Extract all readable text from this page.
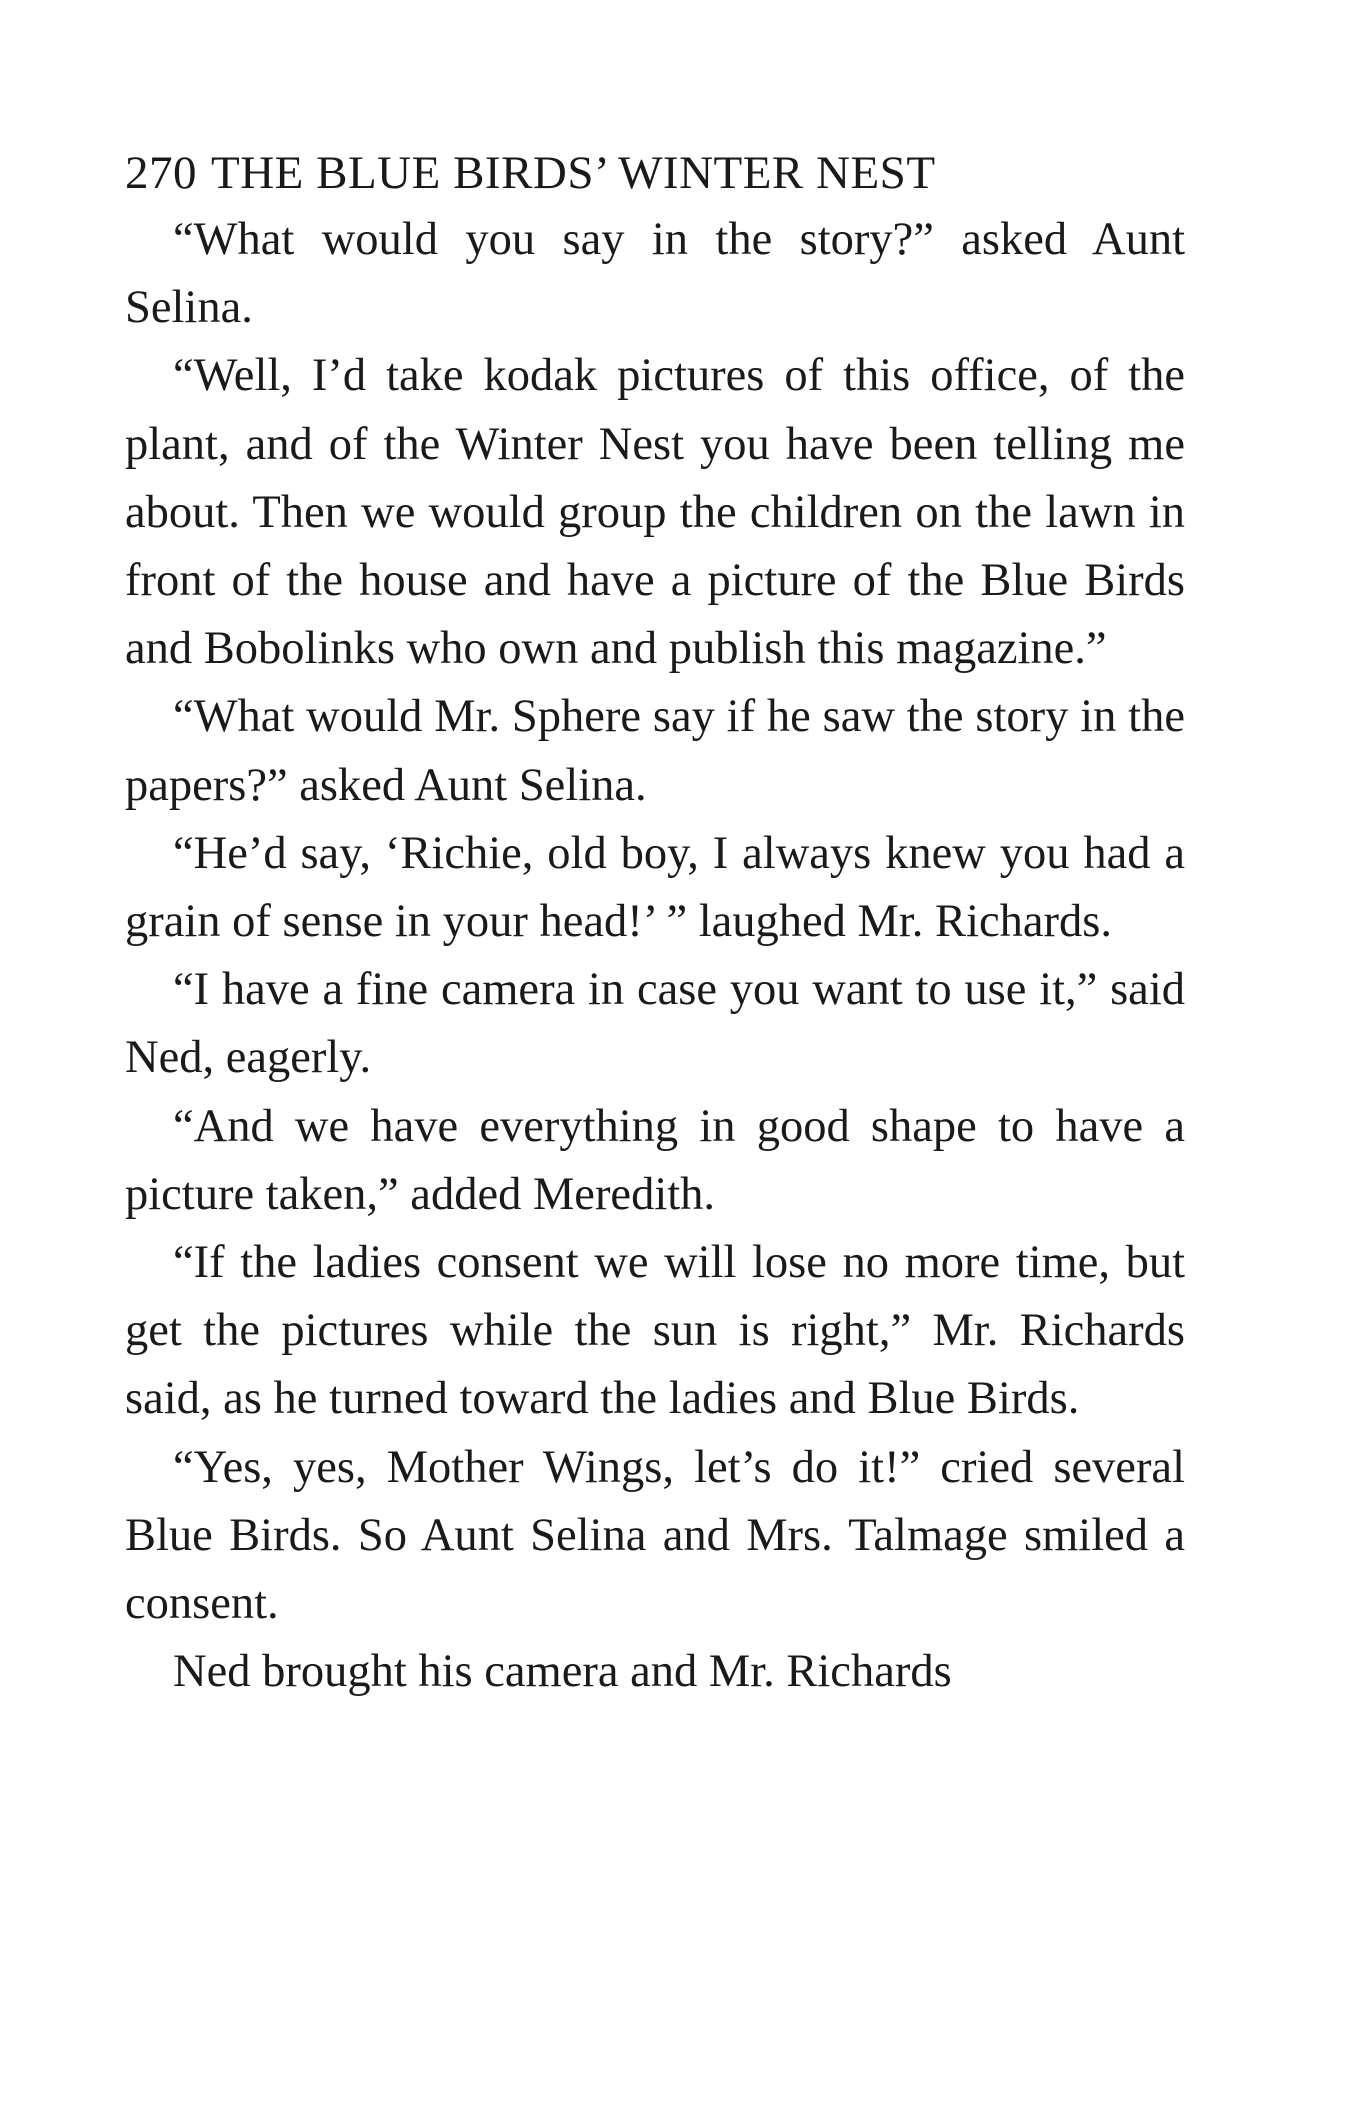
270 THE BLUE BIRDS’ WINTER NEST

“What would you say in the story?” asked Aunt Selina.

“Well, I’d take kodak pictures of this office, of the plant, and of the Winter Nest you have been telling me about. Then we would group the children on the lawn in front of the house and have a picture of the Blue Birds and Bobolinks who own and publish this magazine.”

“What would Mr. Sphere say if he saw the story in the papers?” asked Aunt Selina.

“He’d say, ‘Richie, old boy, I always knew you had a grain of sense in your head!’ ” laughed Mr. Richards.

“I have a fine camera in case you want to use it,” said Ned, eagerly.

“And we have everything in good shape to have a picture taken,” added Meredith.

“If the ladies consent we will lose no more time, but get the pictures while the sun is right,” Mr. Richards said, as he turned toward the ladies and Blue Birds.

“Yes, yes, Mother Wings, let’s do it!” cried several Blue Birds. So Aunt Selina and Mrs. Talmage smiled a consent.

Ned brought his camera and Mr. Richards
